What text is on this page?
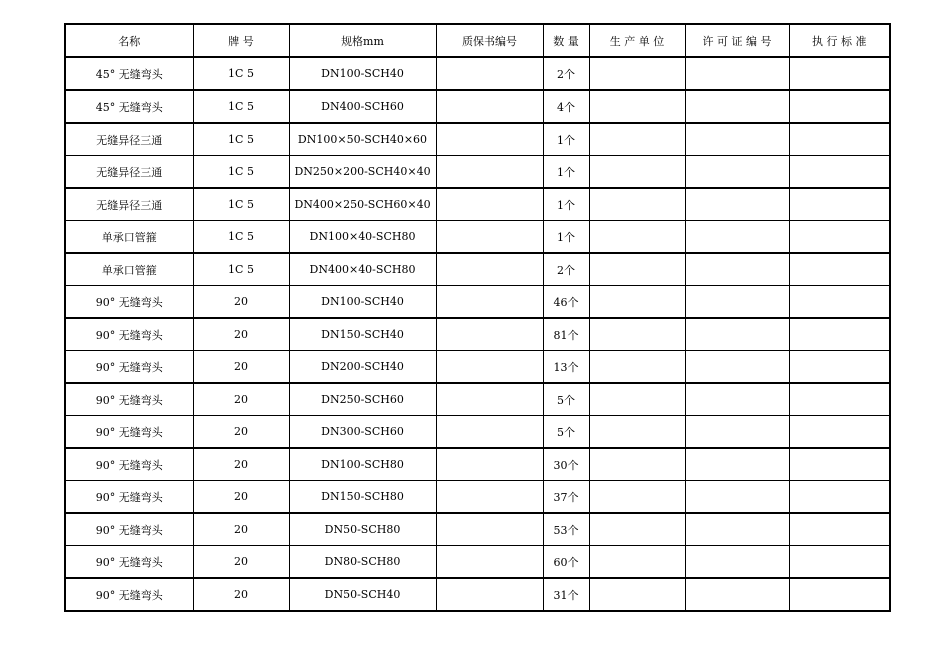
名称	牌 号	规格mm	质保书编号	数 量	生 产 单 位	许 可 证 编 号	执 行 标 准
45° 无缝弯头	1C 5	DN100-SCH40		2个			
45° 无缝弯头	1C 5	DN400-SCH60		4个			
无缝异径三通	1C 5	DN100×50-SCH40×60		1个			
无缝异径三通	1C 5	DN250×200-SCH40×40		1个			
无缝异径三通	1C 5	DN400×250-SCH60×40		1个			
单承口管箍	1C 5	DN100×40-SCH80		1个			
单承口管箍	1C 5	DN400×40-SCH80		2个			
90° 无缝弯头	20	DN100-SCH40		46个			
90° 无缝弯头	20	DN150-SCH40		81个			
90° 无缝弯头	20	DN200-SCH40		13个			
90° 无缝弯头	20	DN250-SCH60		5个			
90° 无缝弯头	20	DN300-SCH60		5个			
90° 无缝弯头	20	DN100-SCH80		30个			
90° 无缝弯头	20	DN150-SCH80		37个			
90° 无缝弯头	20	DN50-SCH80		53个			
90° 无缝弯头	20	DN80-SCH80		60个			
90° 无缝弯头	20	DN50-SCH40		31个			
